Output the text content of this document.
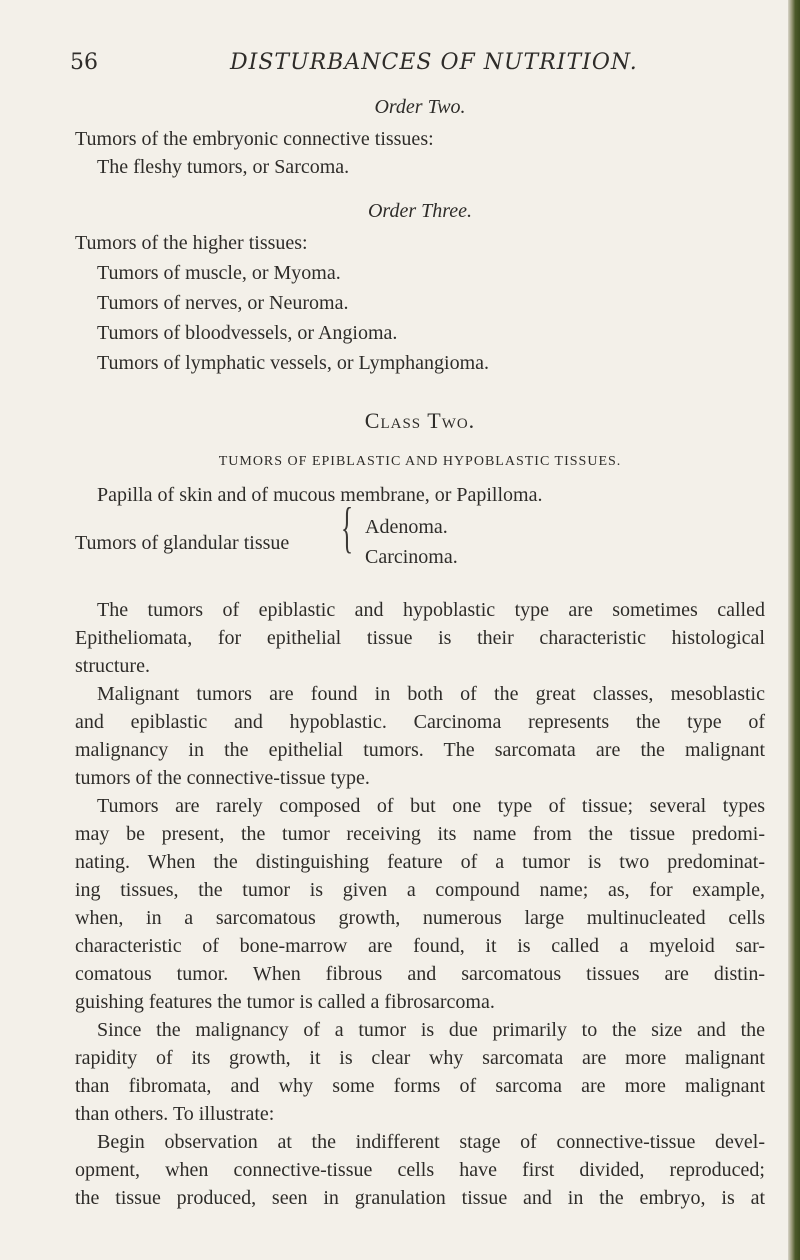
56	DISTURBANCES OF NUTRITION.
Order Two.
Tumors of the embryonic connective tissues:
The fleshy tumors, or Sarcoma.
Order Three.
Tumors of the higher tissues:
Tumors of muscle, or Myoma.
Tumors of nerves, or Neuroma.
Tumors of bloodvessels, or Angioma.
Tumors of lymphatic vessels, or Lymphangioma.
Class Two.
TUMORS OF EPIBLASTIC AND HYPOBLASTIC TISSUES.
Papilla of skin and of mucous membrane, or Papilloma.
Tumors of glandular tissue { Adenoma.
Carcinoma.
The tumors of epiblastic and hypoblastic type are sometimes called
Epitheliomata, for epithelial tissue is their characteristic histological
structure.
Malignant tumors are found in both of the great classes, mesoblastic
and epiblastic and hypoblastic. Carcinoma represents the type of
malignancy in the epithelial tumors. The sarcomata are the malignant
tumors of the connective-tissue type.
Tumors are rarely composed of but one type of tissue; several types
may be present, the tumor receiving its name from the tissue predomi-
nating. When the distinguishing feature of a tumor is two predominat-
ing tissues, the tumor is given a compound name; as, for example,
when, in a sarcomatous growth, numerous large multinucleated cells
characteristic of bone-marrow are found, it is called a myeloid sar-
comatous tumor. When fibrous and sarcomatous tissues are distin-
guishing features the tumor is called a fibrosarcoma.
Since the malignancy of a tumor is due primarily to the size and the
rapidity of its growth, it is clear why sarcomata are more malignant
than fibromata, and why some forms of sarcoma are more malignant
than others. To illustrate:
Begin observation at the indifferent stage of connective-tissue devel-
opment, when connective-tissue cells have first divided, reproduced;
the tissue produced, seen in granulation tissue and in the embryo, is at
